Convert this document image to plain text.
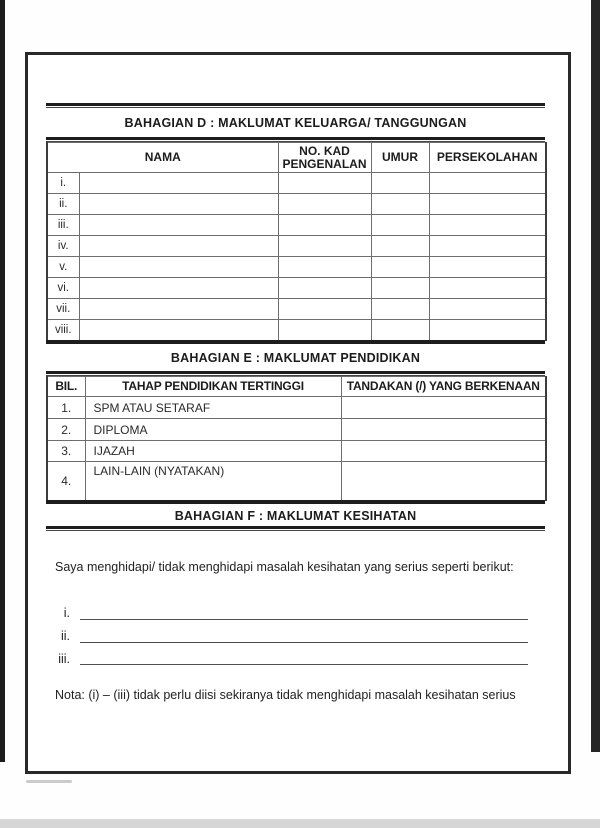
BAHAGIAN D : MAKLUMAT KELUARGA/ TANGGUNGAN
NAMA		NO. KAD PENGENALAN	UMUR	PERSEKOLAHAN
i.				
ii.				
iii.				
iv.				
v.				
vi.				
vii.				
viii.				
BAHAGIAN E : MAKLUMAT PENDIDIKAN
BIL.	TAHAP PENDIDIKAN TERTINGGI	TANDAKAN (/) YANG BERKENAAN
1.	SPM ATAU SETARAF	
2.	DIPLOMA	
3.	IJAZAH	
4.	LAIN-LAIN (NYATAKAN)	
BAHAGIAN F : MAKLUMAT KESIHATAN
Saya menghidapi/ tidak menghidapi masalah kesihatan yang serius seperti berikut:
i.
ii.
iii.
Nota: (i) – (iii) tidak perlu diisi sekiranya tidak menghidapi masalah kesihatan serius
